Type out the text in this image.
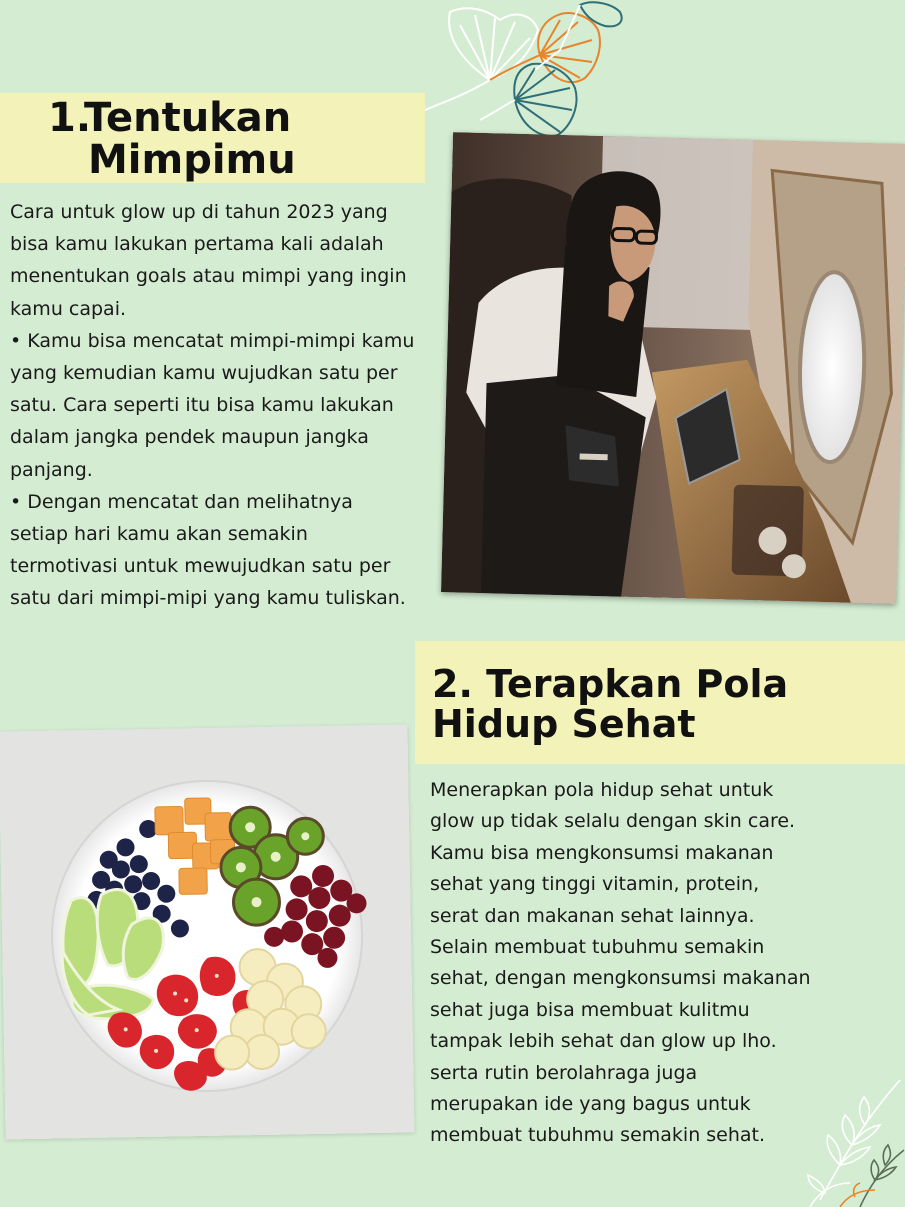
1.Tentukan
Mimpimu
Cara untuk glow up di tahun 2023 yang
bisa kamu lakukan pertama kali adalah
menentukan goals atau mimpi yang ingin
kamu capai.
• Kamu bisa mencatat mimpi-mimpi kamu
yang kemudian kamu wujudkan satu per
satu. Cara seperti itu bisa kamu lakukan
dalam jangka pendek maupun jangka
panjang.
• Dengan mencatat dan melihatnya
setiap hari kamu akan semakin
termotivasi untuk mewujudkan satu per
satu dari mimpi-mipi yang kamu tuliskan.
2. Terapkan Pola
Hidup Sehat
Menerapkan pola hidup sehat untuk
glow up tidak selalu dengan skin care.
Kamu bisa mengkonsumsi makanan
sehat yang tinggi vitamin, protein,
serat dan makanan sehat lainnya.
Selain membuat tubuhmu semakin
sehat, dengan mengkonsumsi makanan
sehat juga bisa membuat kulitmu
tampak lebih sehat dan glow up lho.
serta rutin berolahraga juga
merupakan ide yang bagus untuk
membuat tubuhmu semakin sehat.
